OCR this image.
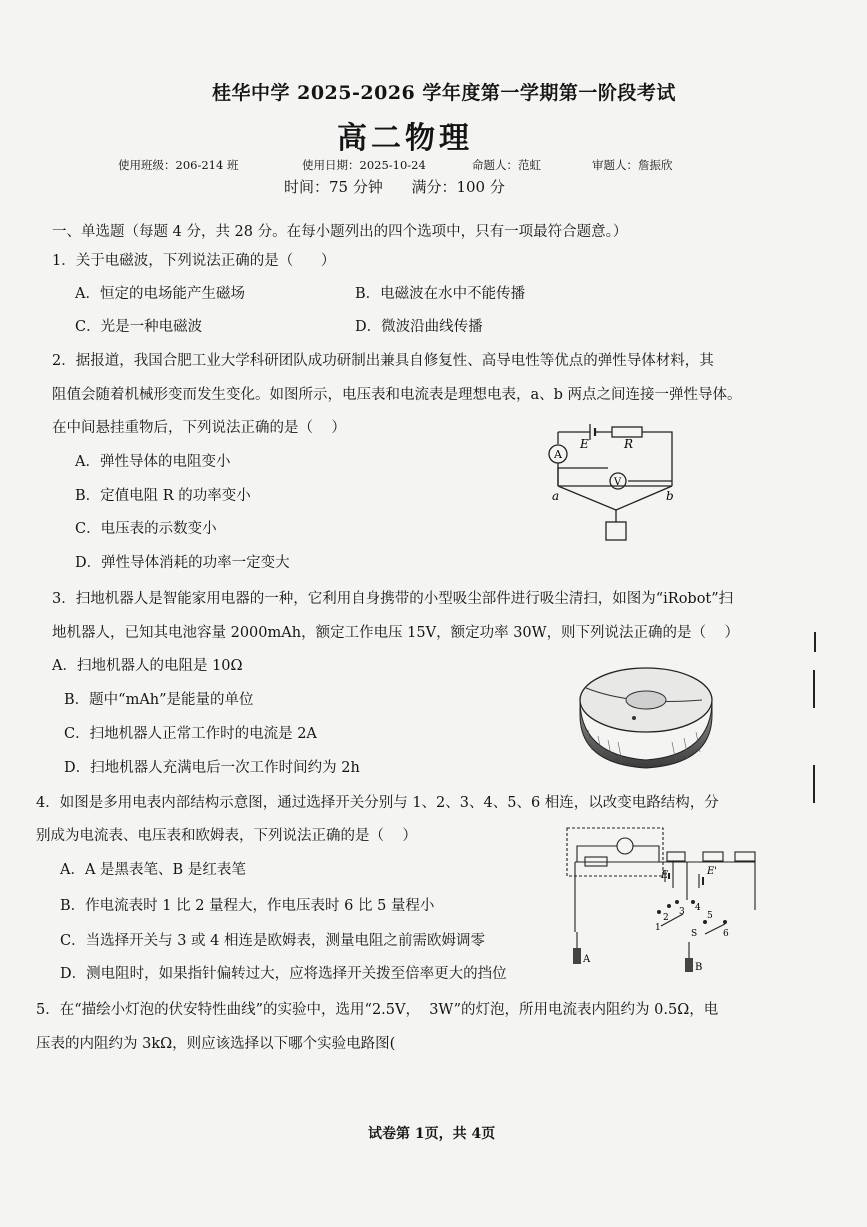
桂华中学 2025-2026 学年度第一学期第一阶段考试
高二物理
使用班级：206-214 班	使用日期：2025-10-24	命题人：范虹	审题人：詹振欣
时间：75 分钟      满分：100 分
一、单选题（每题 4 分，共 28 分。在每小题列出的四个选项中，只有一项最符合题意。）
1．关于电磁波，下列说法正确的是（      ）
A．恒定的电场能产生磁场	B．电磁波在水中不能传播
C．光是一种电磁波	D．微波沿曲线传播
2．据报道，我国合肥工业大学科研团队成功研制出兼具自修复性、高导电性等优点的弹性导体材料，其
阻值会随着机械形变而发生变化。如图所示，电压表和电流表是理想电表，a、b 两点之间连接一弹性导体。
在中间悬挂重物后，下列说法正确的是（    ）
A．弹性导体的电阻变小
B．定值电阻 R 的功率变小
C．电压表的示数变小
D．弹性导体消耗的功率一定变大
E	R
A
V
a	b
3．扫地机器人是智能家用电器的一种，它利用自身携带的小型吸尘部件进行吸尘清扫，如图为“iRobot”扫
地机器人，已知其电池容量 2000mAh，额定工作电压 15V，额定功率 30W，则下列说法正确的是（    ）
A．扫地机器人的电阻是 10Ω
B．题中“mAh”是能量的单位
C．扫地机器人正常工作时的电流是 2A
D．扫地机器人充满电后一次工作时间约为 2h
4．如图是多用电表内部结构示意图，通过选择开关分别与 1、2、3、4、5、6 相连，以改变电路结构，分
别成为电流表、电压表和欧姆表，下列说法正确的是（    ）
A．A 是黑表笔、B 是红表笔
B．作电流表时 1 比 2 量程大，作电压表时 6 比 5 量程小
C．当选择开关与 3 或 4 相连是欧姆表，测量电阻之前需欧姆调零
D．测电阻时，如果指针偏转过大，应将选择开关拨至倍率更大的挡位
E	E'
1
2
3 4
5
6
S
A
B
5．在“描绘小灯泡的伏安特性曲线”的实验中，选用“2.5V，  3W”的灯泡，所用电流表内阻约为 0.5Ω，电
压表的内阻约为 3kΩ，则应该选择以下哪个实验电路图(
试卷第 1页，共 4页
